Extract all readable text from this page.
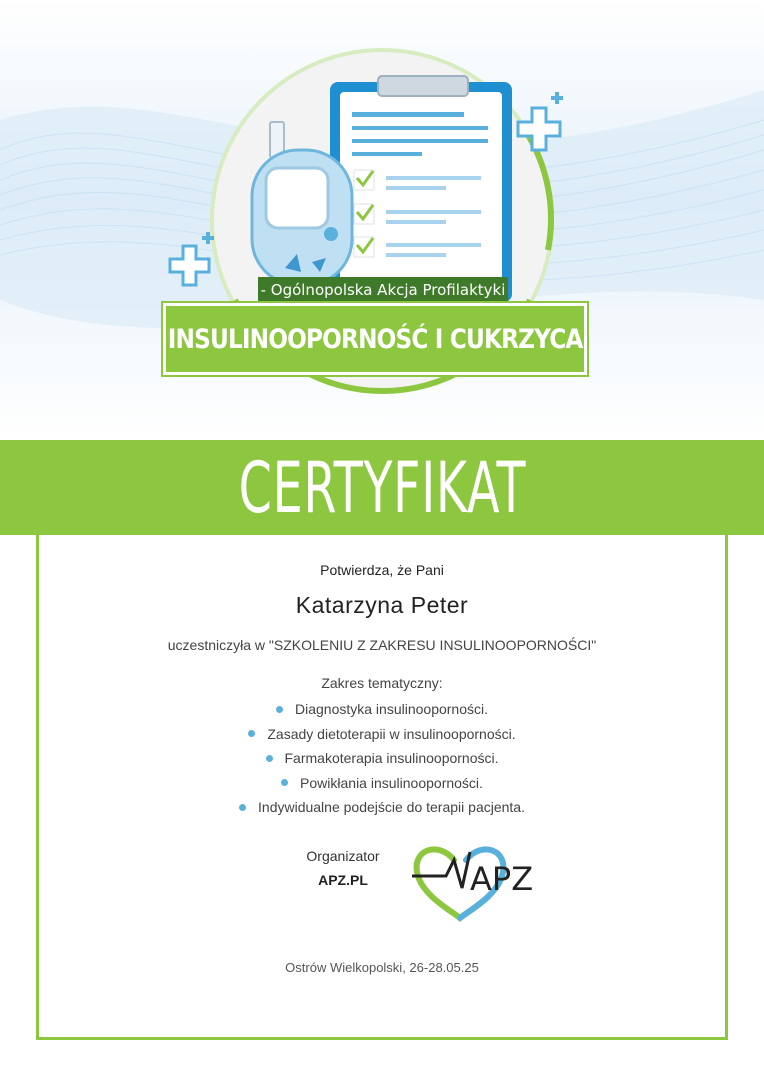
- Ogólnopolska Akcja Profilaktyki
INSULINOOPORNOŚĆ I CUKRZYCA
CERTYFIKAT
Potwierdza, że Pani
Katarzyna Peter
uczestniczyła w "SZKOLENIU Z ZAKRESU INSULINOOPORNOŚCI"
Zakres tematyczny:
Diagnostyka insulinooporności.
Zasady dietoterapii w insulinooporności.
Farmakoterapia insulinooporności.
Powikłania insulinooporności.
Indywidualne podejście do terapii pacjenta.
Organizator
APZ.PL	APZ
Ostrów Wielkopolski, 26-28.05.25
